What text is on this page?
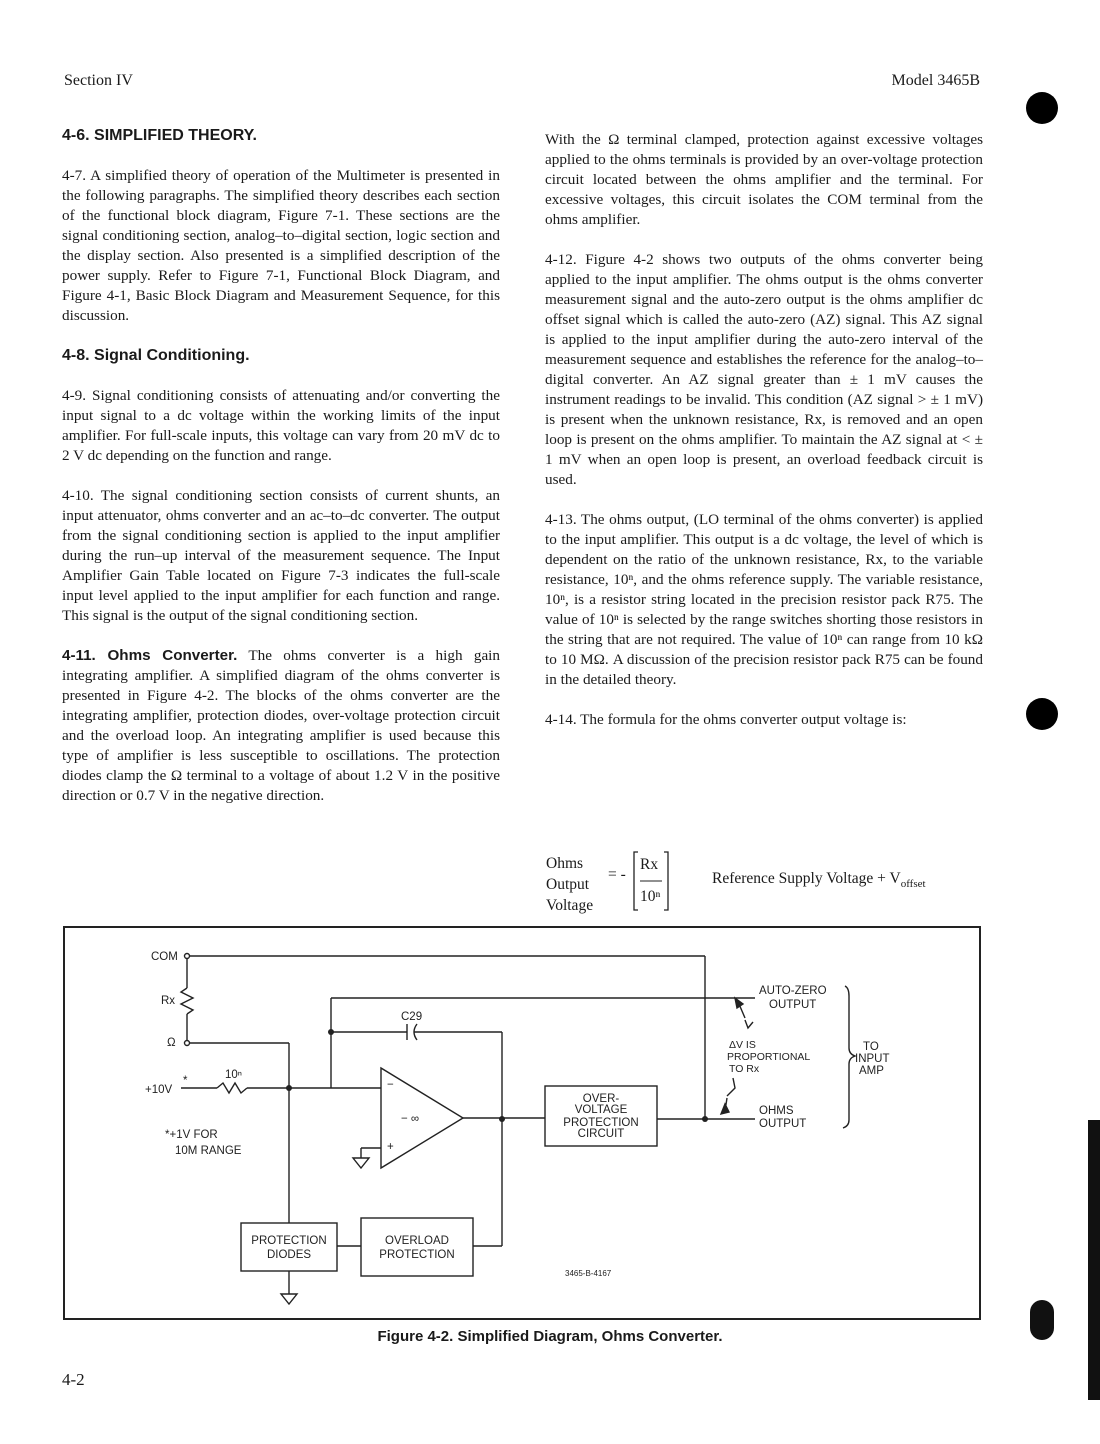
Section IV	Model 3465B
4-6. SIMPLIFIED THEORY.

4-7. A simplified theory of operation of the Multimeter is presented in the following paragraphs. The simplified theory describes each section of the functional block diagram, Figure 7-1. These sections are the signal conditioning section, analog–to–digital section, logic section and the display section. Also presented is a simplified description of the power supply. Refer to Figure 7-1, Functional Block Diagram, and Figure 4-1, Basic Block Diagram and Measurement Sequence, for this discussion.

4-8. Signal Conditioning.

4-9. Signal conditioning consists of attenuating and/or converting the input signal to a dc voltage within the working limits of the input amplifier. For full-scale inputs, this voltage can vary from 20 mV dc to 2 V dc depending on the function and range.

4-10. The signal conditioning section consists of current shunts, an input attenuator, ohms converter and an ac–to–dc converter. The output from the signal conditioning section is applied to the input amplifier during the run–up interval of the measurement sequence. The Input Amplifier Gain Table located on Figure 7-3 indicates the full-scale input level applied to the input amplifier for each function and range. This signal is the output of the signal conditioning section.

4-11. Ohms Converter. The ohms converter is a high gain integrating amplifier. A simplified diagram of the ohms converter is presented in Figure 4-2. The blocks of the ohms converter are the integrating amplifier, protection diodes, over-voltage protection circuit and the overload loop. An integrating amplifier is used because this type of amplifier is less susceptible to oscillations. The protection diodes clamp the Ω terminal to a voltage of about 1.2 V in the positive direction or 0.7 V in the negative direction.

With the Ω terminal clamped, protection against excessive voltages applied to the ohms terminals is provided by an over-voltage protection circuit located between the ohms amplifier and the terminal. For excessive voltages, this circuit isolates the COM terminal from the ohms amplifier.

4-12. Figure 4-2 shows two outputs of the ohms converter being applied to the input amplifier. The ohms output is the ohms converter measurement signal and the auto-zero output is the ohms amplifier dc offset signal which is called the auto-zero (AZ) signal. This AZ signal is applied to the input amplifier during the auto-zero interval of the measurement sequence and establishes the reference for the analog–to–digital converter. An AZ signal greater than ± 1 mV causes the instrument readings to be invalid. This condition (AZ signal > ± 1 mV) is present when the unknown resistance, Rx, is removed and an open loop is present on the ohms amplifier. To maintain the AZ signal at < ± 1 mV when an open loop is present, an overload feedback circuit is used.

4-13. The ohms output, (LO terminal of the ohms converter) is applied to the input amplifier. This output is a dc voltage, the level of which is dependent on the ratio of the unknown resistance, Rx, to the variable resistance, 10ⁿ, and the ohms reference supply. The variable resistance, 10ⁿ, is a resistor string located in the precision resistor pack R75. The value of 10ⁿ is selected by the range switches shorting those resistors in the string that are not required. The value of 10ⁿ can range from 10 kΩ to 10 MΩ. A discussion of the precision resistor pack R75 can be found in the detailed theory.

4-14. The formula for the ohms converter output voltage is:

Ohms
Output
Voltage
= -
Rx
10ⁿ
Reference Supply Voltage + $V_{offset}$
COM
Rx
Ω
+10V
*	10ⁿ
*+1V FOR
10M RANGE
C29
− ∞
−
+
OVER-
VOLTAGE
PROTECTION
CIRCUIT
PROTECTION
DIODES
OVERLOAD
PROTECTION
AUTO-ZERO
OUTPUT
ΔV IS
PROPORTIONAL
TO Rx
OHMS
OUTPUT
TO
INPUT
AMP
3465-B-4167
Figure 4-2. Simplified Diagram, Ohms Converter.
4-2
